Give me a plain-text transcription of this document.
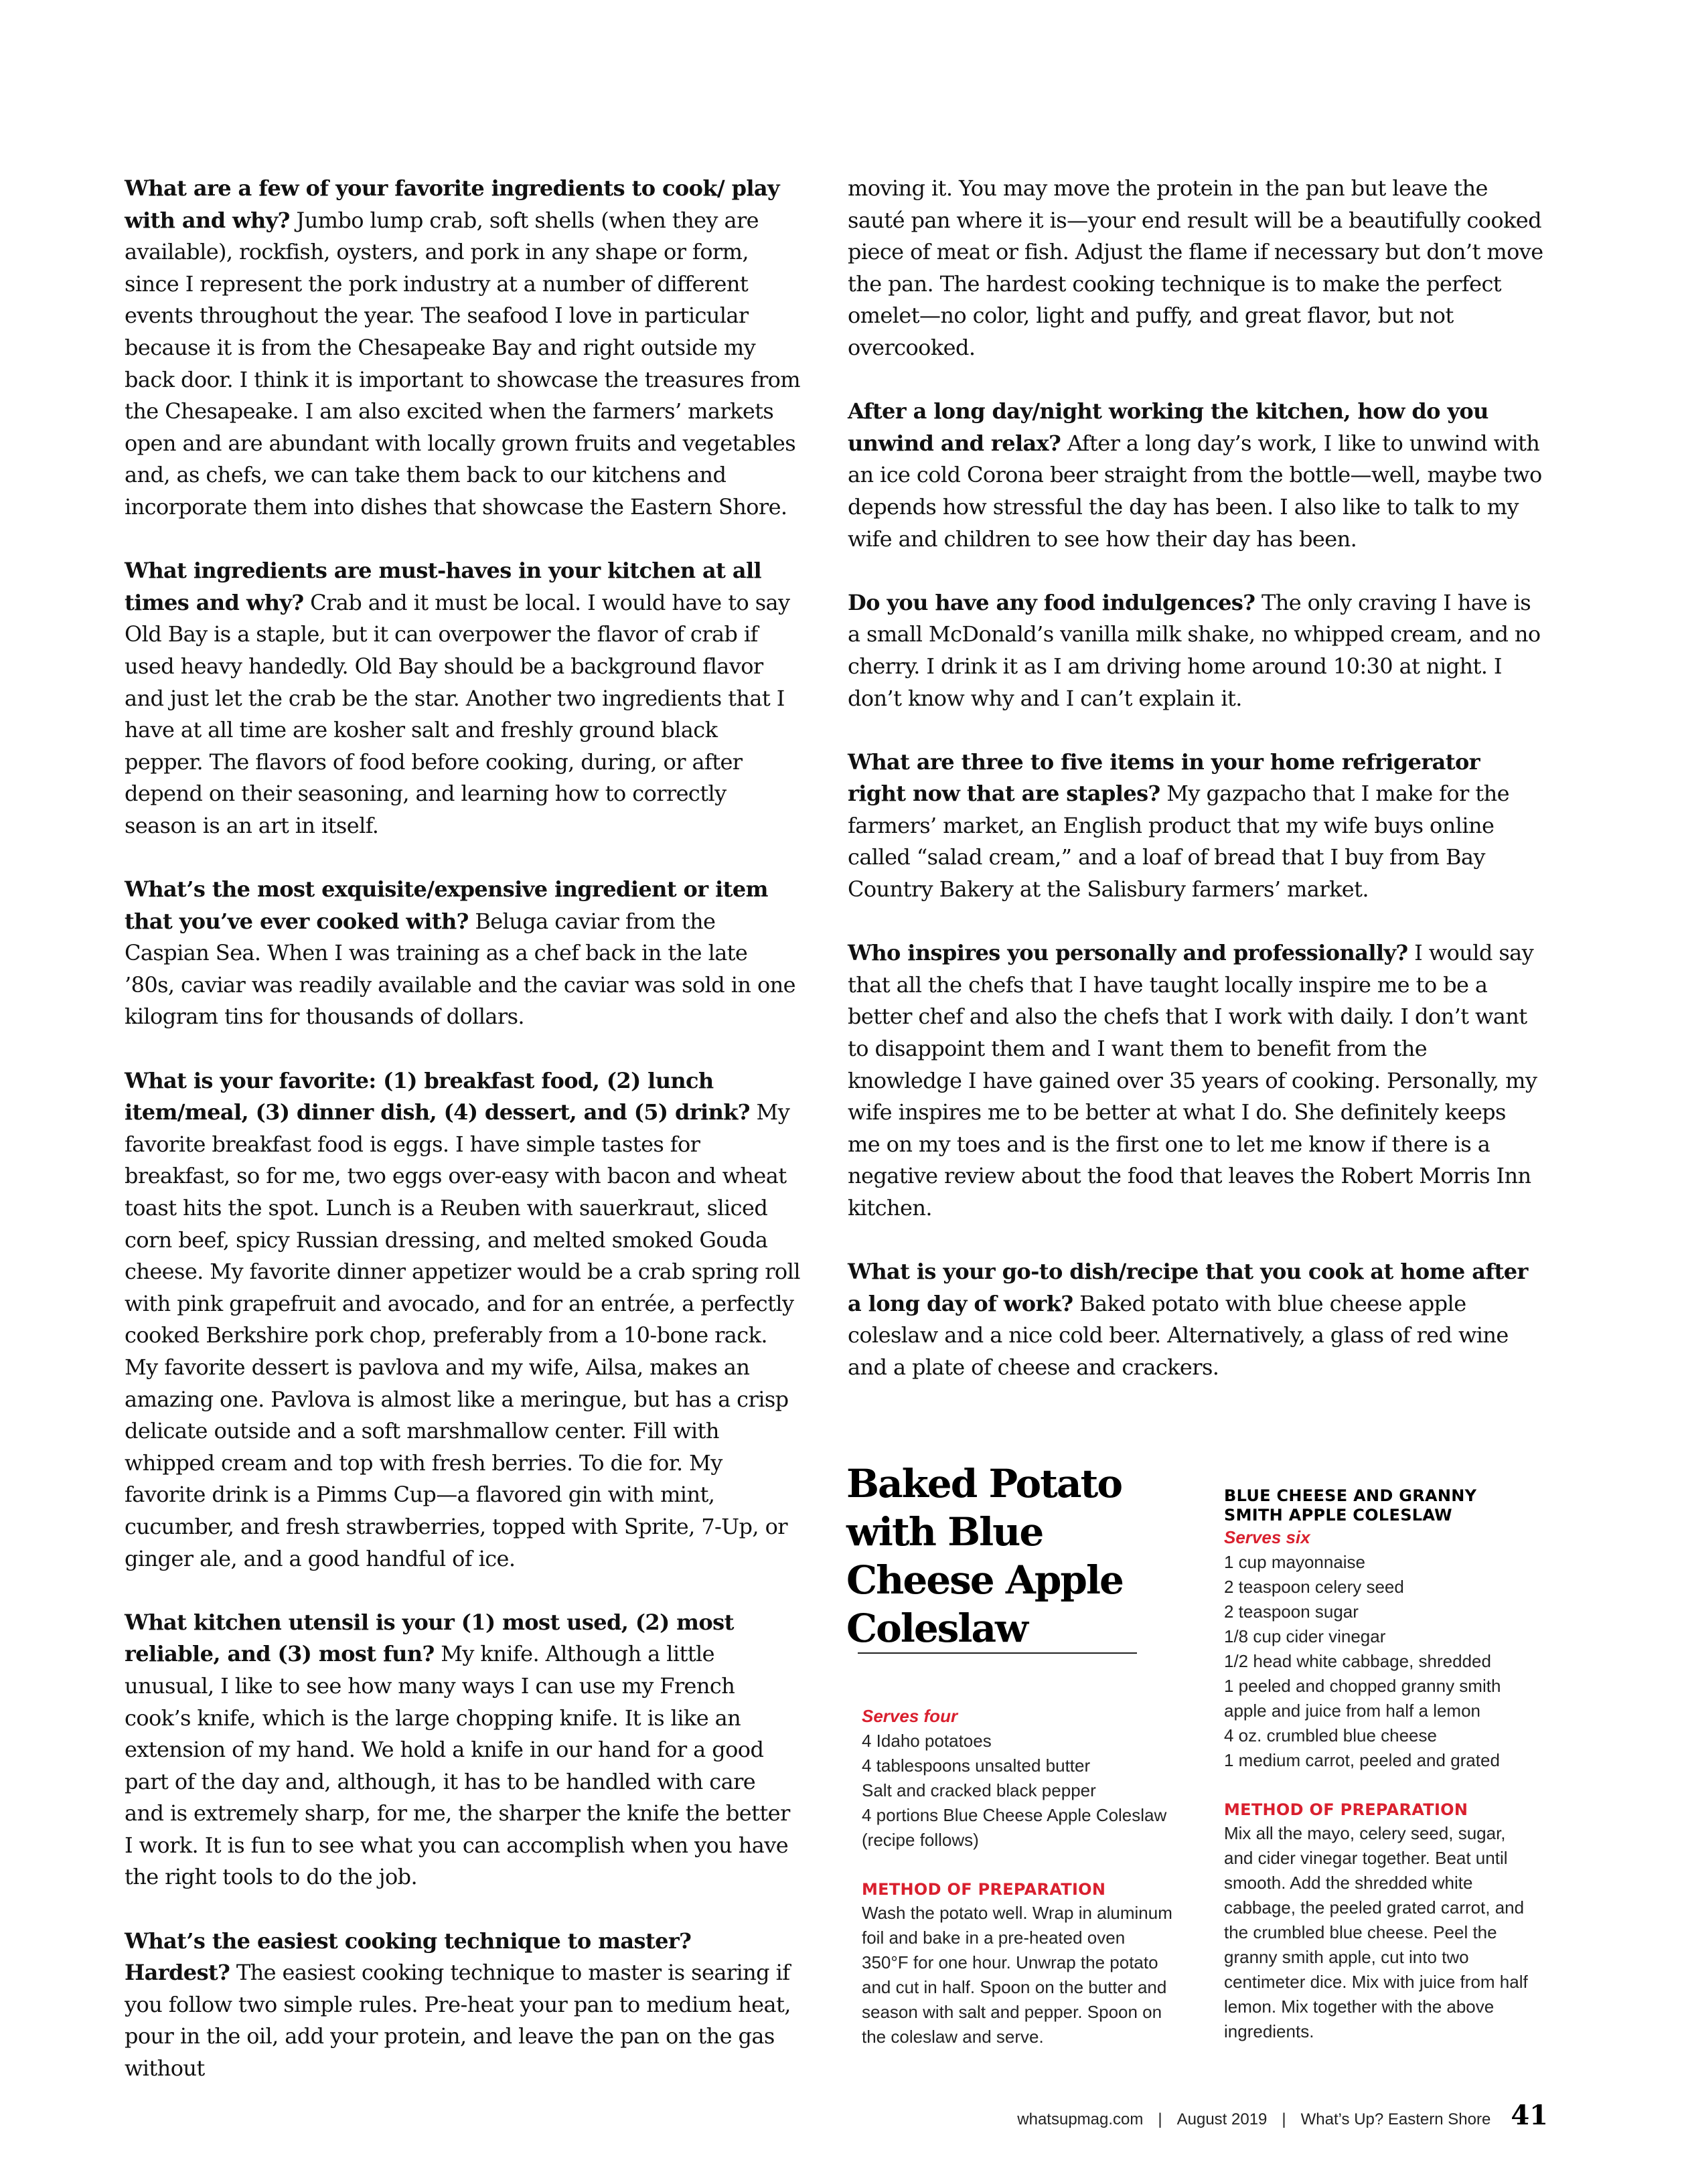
What are a few of your favorite ingredients to cook/ play with and why? Jumbo lump crab, soft shells (when they are available), rockfish, oysters, and pork in any shape or form, since I represent the pork industry at a number of different events throughout the year. The seafood I love in particular because it is from the Chesapeake Bay and right outside my back door. I think it is important to showcase the treasures from the Chesapeake. I am also excited when the farmers’ markets open and are abundant with locally grown fruits and vegetables and, as chefs, we can take them back to our kitchens and incorporate them into dishes that showcase the Eastern Shore.

What ingredients are must-haves in your kitchen at all times and why? Crab and it must be local. I would have to say Old Bay is a staple, but it can overpower the flavor of crab if used heavy handedly. Old Bay should be a background flavor and just let the crab be the star. Another two ingredients that I have at all time are kosher salt and freshly ground black pepper. The flavors of food before cooking, during, or after depend on their seasoning, and learning how to correctly season is an art in itself.

What’s the most exquisite/expensive ingredient or item that you’ve ever cooked with? Beluga caviar from the Caspian Sea. When I was training as a chef back in the late ’80s, caviar was readily available and the caviar was sold in one kilogram tins for thousands of dollars.

What is your favorite: (1) breakfast food, (2) lunch item/meal, (3) dinner dish, (4) dessert, and (5) drink? My favorite breakfast food is eggs. I have simple tastes for breakfast, so for me, two eggs over-easy with bacon and wheat toast hits the spot. Lunch is a Reuben with sauerkraut, sliced corn beef, spicy Russian dressing, and melted smoked Gouda cheese. My favorite dinner appetizer would be a crab spring roll with pink grapefruit and avocado, and for an entrée, a perfectly cooked Berkshire pork chop, preferably from a 10-bone rack. My favorite dessert is pavlova and my wife, Ailsa, makes an amazing one. Pavlova is almost like a meringue, but has a crisp delicate outside and a soft marshmallow center. Fill with whipped cream and top with fresh berries. To die for. My favorite drink is a Pimms Cup—a flavored gin with mint, cucumber, and fresh strawberries, topped with Sprite, 7-Up, or ginger ale, and a good handful of ice.

What kitchen utensil is your (1) most used, (2) most reliable, and (3) most fun? My knife. Although a little unusual, I like to see how many ways I can use my French cook’s knife, which is the large chopping knife. It is like an extension of my hand. We hold a knife in our hand for a good part of the day and, although, it has to be handled with care and is extremely sharp, for me, the sharper the knife the better I work. It is fun to see what you can accomplish when you have the right tools to do the job.

What’s the easiest cooking technique to master? Hardest? The easiest cooking technique to master is searing if you follow two simple rules. Pre-heat your pan to medium heat, pour in the oil, add your protein, and leave the pan on the gas without

moving it. You may move the protein in the pan but leave the sauté pan where it is—your end result will be a beautifully cooked piece of meat or fish. Adjust the flame if necessary but don’t move the pan. The hardest cooking technique is to make the perfect omelet—no color, light and puffy, and great flavor, but not overcooked.

After a long day/night working the kitchen, how do you unwind and relax? After a long day’s work, I like to unwind with an ice cold Corona beer straight from the bottle—well, maybe two depends how stressful the day has been. I also like to talk to my wife and children to see how their day has been.

Do you have any food indulgences? The only craving I have is a small McDonald’s vanilla milk shake, no whipped cream, and no cherry. I drink it as I am driving home around 10:30 at night. I don’t know why and I can’t explain it.

What are three to five items in your home refrigerator right now that are staples? My gazpacho that I make for the farmers’ market, an English product that my wife buys online called “salad cream,” and a loaf of bread that I buy from Bay Country Bakery at the Salisbury farmers’ market.

Who inspires you personally and professionally? I would say that all the chefs that I have taught locally inspire me to be a better chef and also the chefs that I work with daily. I don’t want to disappoint them and I want them to benefit from the knowledge I have gained over 35 years of cooking. Personally, my wife inspires me to be better at what I do. She definitely keeps me on my toes and is the first one to let me know if there is a negative review about the food that leaves the Robert Morris Inn kitchen.

What is your go-to dish/recipe that you cook at home after a long day of work? Baked potato with blue cheese apple coleslaw and a nice cold beer. Alternatively, a glass of red wine and a plate of cheese and crackers.

Baked Potato with Blue Cheese Apple Coleslaw
Serves four
4 Idaho potatoes
4 tablespoons unsalted butter
Salt and cracked black pepper
4 portions Blue Cheese Apple Coleslaw (recipe follows)
METHOD OF PREPARATION
Wash the potato well. Wrap in aluminum foil and bake in a pre-heated oven 350°F for one hour. Unwrap the potato and cut in half. Spoon on the butter and season with salt and pepper. Spoon on the coleslaw and serve.
BLUE CHEESE AND GRANNY SMITH APPLE COLESLAW
Serves six
1 cup mayonnaise
2 teaspoon celery seed
2 teaspoon sugar
1/8 cup cider vinegar
1/2 head white cabbage, shredded
1 peeled and chopped granny smith apple and juice from half a lemon
4 oz. crumbled blue cheese
1 medium carrot, peeled and grated
METHOD OF PREPARATION
Mix all the mayo, celery seed, sugar, and cider vinegar together. Beat until smooth. Add the shredded white cabbage, the peeled grated carrot, and the crumbled blue cheese. Peel the granny smith apple, cut into two centimeter dice. Mix with juice from half lemon. Mix together with the above ingredients.
whatsupmag.com | August 2019 | What’s Up? Eastern Shore 41
